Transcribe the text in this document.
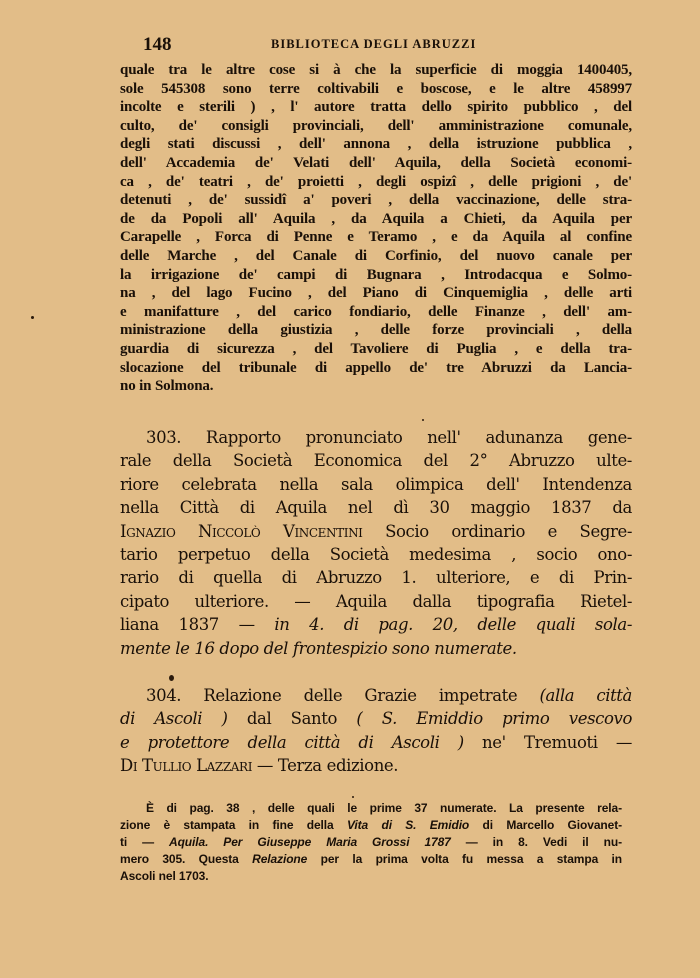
148	BIBLIOTECA DEGLI ABRUZZI
quale tra le altre cose si à che la superficie di moggia 1400405,
sole 545308 sono terre coltivabili e boscose, e le altre 458997
incolte e sterili ) , l' autore tratta dello spirito pubblico , del
culto, de' consigli provinciali, dell' amministrazione comunale,
degli stati discussi , dell' annona , della istruzione pubblica ,
dell' Accademia de' Velati dell' Aquila, della Società economi-
ca , de' teatri , de' proietti , degli ospizî , delle prigioni , de'
detenuti , de' sussidî a' poveri , della vaccinazione, delle stra-
de da Popoli all' Aquila , da Aquila a Chieti, da Aquila per
Carapelle , Forca di Penne e Teramo , e da Aquila al confine
delle Marche , del Canale di Corfinio, del nuovo canale per
la irrigazione de' campi di Bugnara , Introdacqua e Solmo-
na , del lago Fucino , del Piano di Cinquemiglia , delle arti
e manifatture , del carico fondiario, delle Finanze , dell' am-
ministrazione della giustizia , delle forze provinciali , della
guardia di sicurezza , del Tavoliere di Puglia , e della tra-
slocazione del tribunale di appello de' tre Abruzzi da Lancia-
no in Solmona.
303. Rapporto pronunciato nell' adunanza gene-
rale della Società Economica del 2° Abruzzo ulte-
riore celebrata nella sala olimpica dell' Intendenza
nella Città di Aquila nel dì 30 maggio 1837 da
Ignazio Niccolò Vincentini Socio ordinario e Segre-
tario perpetuo della Società medesima , socio ono-
rario di quella di Abruzzo 1. ulteriore, e di Prin-
cipato ulteriore. — Aquila dalla tipografia Rietel-
liana 1837 — in 4. di pag. 20, delle quali sola-
mente le 16 dopo del frontespizio sono numerate.
304. Relazione delle Grazie impetrate (alla città
di Ascoli ) dal Santo ( S. Emiddio primo vescovo
e protettore della città di Ascoli ) ne' Tremuoti —
Di Tullio Lazzari — Terza edizione.
È di pag. 38 , delle quali le prime 37 numerate. La presente rela-
zione è stampata in fine della Vita di S. Emidio di Marcello Giovanet-
ti — Aquila. Per Giuseppe Maria Grossi 1787 — in 8. Vedi il nu-
mero 305. Questa Relazione per la prima volta fu messa a stampa in
Ascoli nel 1703.
